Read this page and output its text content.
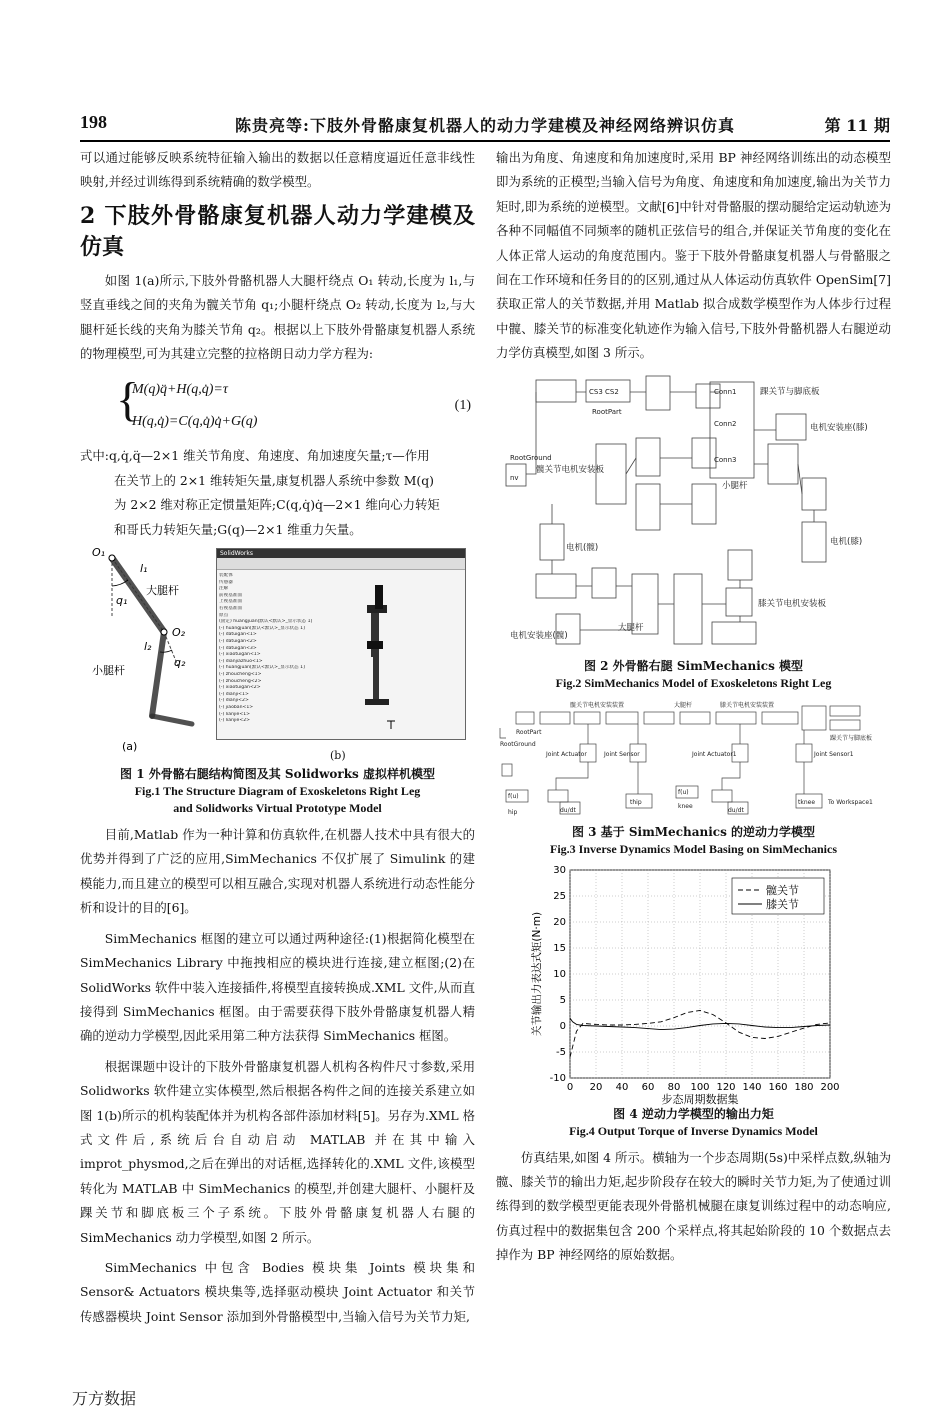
198	陈贵亮等:下肢外骨骼康复机器人的动力学建模及神经网络辨识仿真	第 11 期

可以通过能够反映系统特征输入输出的数据以任意精度逼近任意非线性映射,并经过训练得到系统精确的数学模型。

2 下肢外骨骼康复机器人动力学建模及仿真

如图 1(a)所示,下肢外骨骼机器人大腿杆绕点 O₁ 转动,长度为 l₁,与竖直垂线之间的夹角为髋关节角 q₁;小腿杆绕点 O₂ 转动,长度为 l₂,与大腿杆延长线的夹角为膝关节角 q₂。根据以上下肢外骨骼康复机器人系统的物理模型,可为其建立完整的拉格朗日动力学方程为:

{
M(q)q̈+H(q,q̇)=τ
H(q,q̇)=C(q,q̇)q̇+G(q)
(1)

式中:q,q̇,q̈—2×1 维关节角度、角速度、角加速度矢量;τ—作用

在关节上的 2×1 维转矩矢量,康复机器人系统中参数 M(q)

为 2×2 维对称正定惯量矩阵;C(q,q̇)q̇—2×1 维向心力转矩

和哥氏力转矩矢量;G(q)—2×1 维重力矢量。

O₁
l₁
大腿杆
q₁
O₂
l₂
q₂
小腿杆
(a)
SolidWorks
装配体
传感器
注解
前视基准面
上视基准面
右视基准面
原点
(固定) huangjuan[默认<默认>_显示状态 1]
(-) huangjuan[默认<默认>_显示状态 1]
(-) datuigan<1>
(-) datuigan<2>
(-) datuigan<3>
(-) xiaotuigan<1>
(-) dianjiazhuo<1>
(-) huangjuan[默认<默认>_显示状态 1]
(-) zhoucheng<1>
(-) zhoucheng<2>
(-) xiaotuigan<2>
(-) dianji<1>
(-) dianji<2>
(-) jiaoban<1>
(-) lianjie<1>
(-) lianjie<2>
(b)
图 1 外骨骼右腿结构简图及其 Solidworks 虚拟样机模型
Fig.1 The Structure Diagram of Exoskeletons Right Leg
and Solidworks Virtual Prototype Model

目前,Matlab 作为一种计算和仿真软件,在机器人技术中具有很大的优势并得到了广泛的应用,SimMechanics 不仅扩展了 Simulink 的建模能力,而且建立的模型可以相互融合,实现对机器人系统进行动态性能分析和设计的目的[6]。

SimMechanics 框图的建立可以通过两种途径:(1)根据简化模型在 SimMechanics Library 中拖拽相应的模块进行连接,建立框图;(2)在 SolidWorks 软件中装入连接插件,将模型直接转换成.XML 文件,从而直接得到 SimMechanics 框图。由于需要获得下肢外骨骼康复机器人精确的逆动力学模型,因此采用第二种方法获得 SimMechanics 框图。

根据课题中设计的下肢外骨骼康复机器人机构各构件尺寸参数,采用 Solidworks 软件建立实体模型,然后根据各构件之间的连接关系建立如图 1(b)所示的机构装配体并为机构各部件添加材料[5]。另存为.XML 格式文件后,系统后台自动启动 MATLAB 并在其中输入 improt_physmod,之后在弹出的对话框,选择转化的.XML 文件,该模型转化为 MATLAB 中 SimMechanics 的模型,并创建大腿杆、小腿杆及踝关节和脚底板三个子系统。下肢外骨骼康复机器人右腿的 SimMechanics 动力学模型,如图 2 所示。

SimMechanics 中包含 Bodies 模块集 Joints 模块集和 Sensor& Actuators 模块集等,选择驱动模块 Joint Actuator 和关节传感器模块 Joint Sensor 添加到外骨骼模型中,当输入信号为关节力矩,

输出为角度、角速度和角加速度时,采用 BP 神经网络训练出的动态模型即为系统的正模型;当输入信号为角度、角速度和角加速度,输出为关节力矩时,即为系统的逆模型。文献[6]中针对骨骼服的摆动腿给定运动轨迹为各种不同幅值不同频率的随机正弦信号的组合,并保证关节角度的变化在人体正常人运动的角度范围内。鉴于下肢外骨骼康复机器人与骨骼服之间在工作环境和任务目的的区别,通过从人体运动仿真软件 OpenSim[7]获取正常人的关节数据,并用 Matlab 拟合成数学模型作为人体步行过程中髋、膝关节的标准变化轨迹作为输入信号,下肢外骨骼机器人右腿逆动力学仿真模型,如图 3 所示。

CS3 CS2
RootPart
RootGround
nv
Conn1
Conn2
Conn3
踝关节与脚底板
电机安装座(膝)
髋关节电机安装板
小腿杆
电机(髋)
电机(膝)
大腿杆
膝关节电机安装板
电机安装座(髋)
图 2 外骨骼右腿 SimMechanics 模型
Fig.2 SimMechanics Model of Exoskeletons Right Leg
髋关节电机安装装置	大腿杆	膝关节电机安装装置
踝关节与脚底板
RootPart
RootGround
Joint Actuator	Joint Sensor	Joint Actuator1	Joint Sensor1
f(u)
f(u)
hip
knee
thip	tknee
du/dt	du/dt
To Workspace1
图 3 基于 SimMechanics 的逆动力学模型
Fig.3 Inverse Dynamics Model Basing on SimMechanics
0 20 40 60 80 100 120 140 160 180 200
-10
-5
0
5
10
15
20
25
30
髋关节
膝关节
步态周期数据集
关节输出力表达式矩(N·m)
图 4 逆动力学模型的输出力矩
Fig.4 Output Torque of Inverse Dynamics Model

仿真结果,如图 4 所示。横轴为一个步态周期(5s)中采样点数,纵轴为髋、膝关节的输出力矩,起步阶段存在较大的瞬时关节力矩,为了使通过训练得到的数学模型更能表现外骨骼机械腿在康复训练过程中的动态响应,仿真过程中的数据集包含 200 个采样点,将其起始阶段的 10 个数据点去掉作为 BP 神经网络的原始数据。

万方数据
